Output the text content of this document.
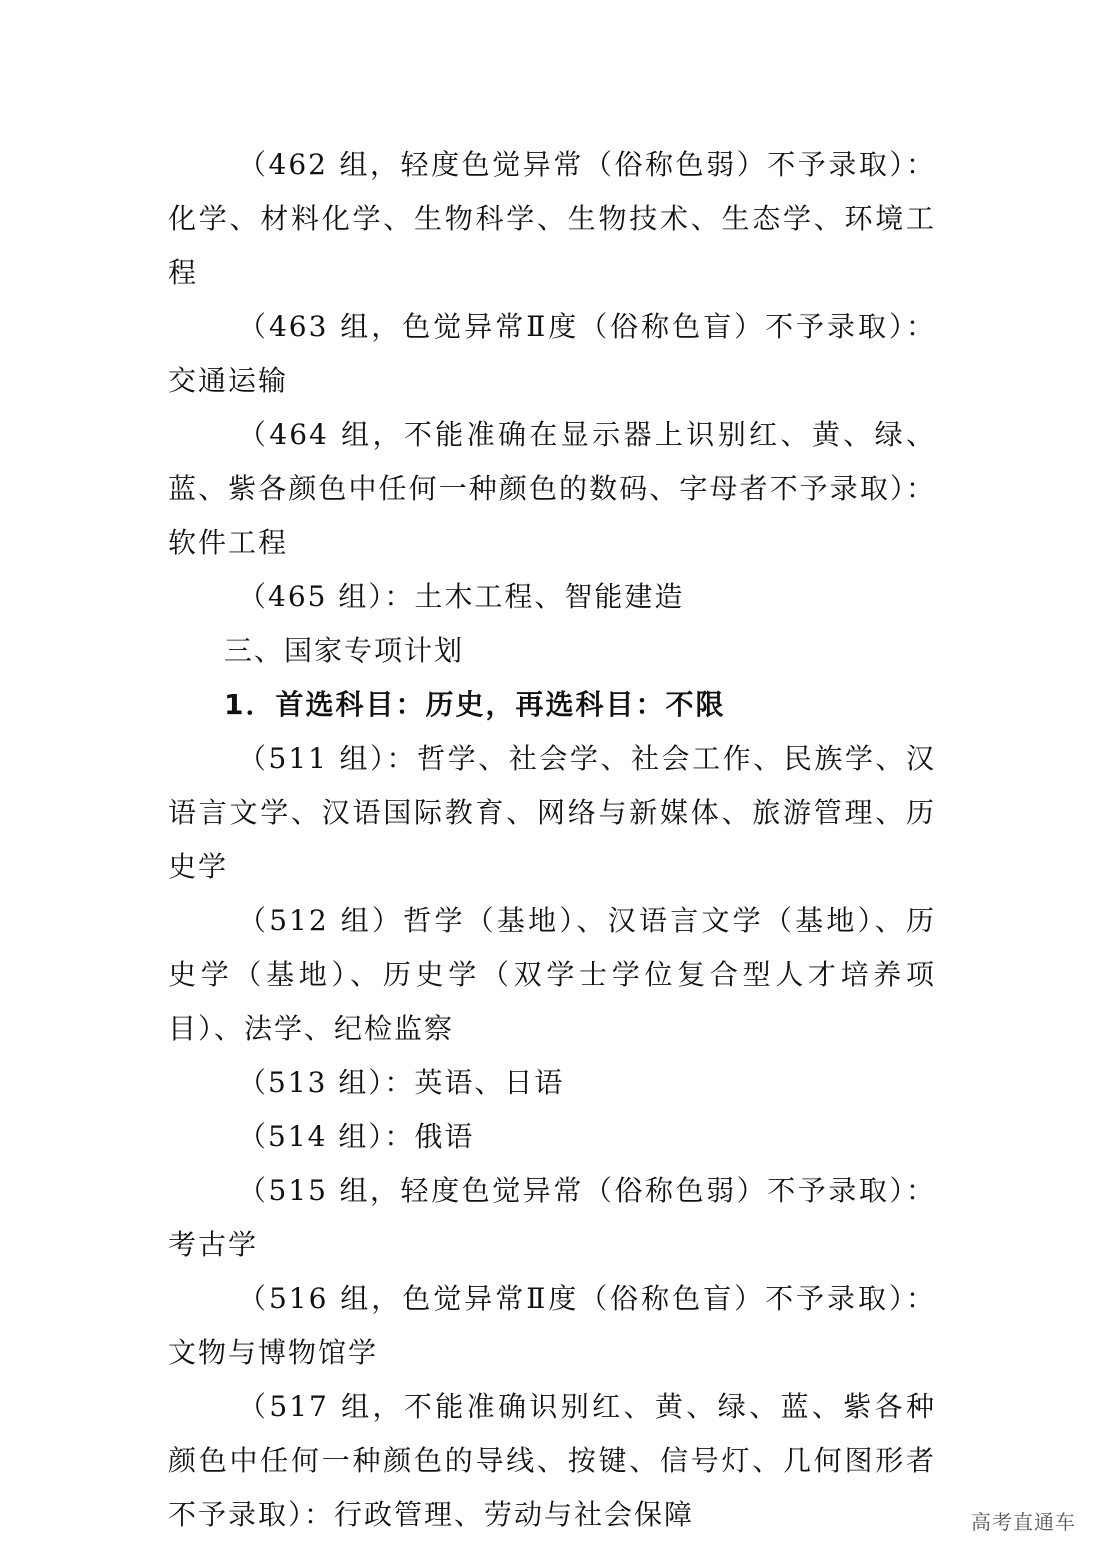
（462 组，轻度色觉异常（俗称色弱）不予录取）：化学、材料化学、生物科学、生物技术、生态学、环境工程

（463 组，色觉异常Ⅱ度（俗称色盲）不予录取）：交通运输

（464 组，不能准确在显示器上识别红、黄、绿、蓝、紫各颜色中任何一种颜色的数码、字母者不予录取）：软件工程

（465 组）：土木工程、智能建造

三、国家专项计划

1．首选科目：历史，再选科目：不限

（511 组）：哲学、社会学、社会工作、民族学、汉语言文学、汉语国际教育、网络与新媒体、旅游管理、历史学

（512 组）哲学（基地）、汉语言文学（基地）、历史学（基地）、历史学（双学士学位复合型人才培养项目）、法学、纪检监察

（513 组）：英语、日语

（514 组）：俄语

（515 组，轻度色觉异常（俗称色弱）不予录取）：考古学

（516 组，色觉异常Ⅱ度（俗称色盲）不予录取）：文物与博物馆学

（517 组，不能准确识别红、黄、绿、蓝、紫各种颜色中任何一种颜色的导线、按键、信号灯、几何图形者不予录取）：行政管理、劳动与社会保障	高考直通车
